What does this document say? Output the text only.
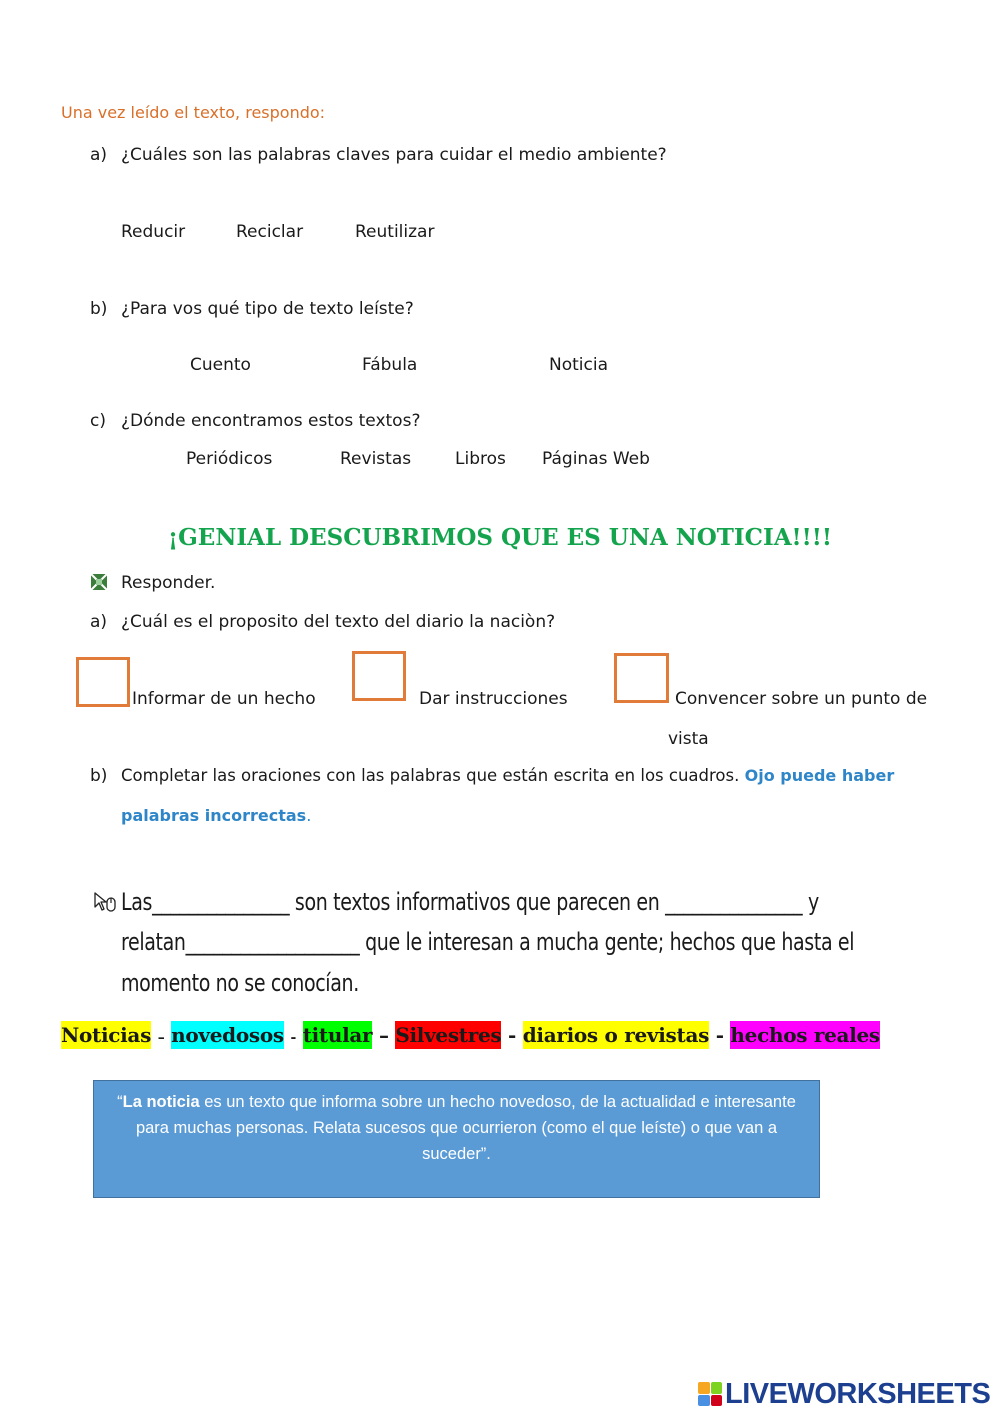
Una vez leído el texto, respondo:
a) ¿Cuáles son las palabras claves para cuidar el medio ambiente?
Reducir	Reciclar	Reutilizar
b) ¿Para vos qué tipo de texto leíste?
Cuento	Fábula	Noticia
c) ¿Dónde encontramos estos textos?
Periódicos	Revistas	Libros Páginas Web
¡GENIAL DESCUBRIMOS QUE ES UNA NOTICIA!!!!
Responder.
a) ¿Cuál es el proposito del texto del diario la naciòn?
Informar de un hecho	Dar instrucciones	Convencer sobre un punto de
vista
b) Completar las oraciones con las palabras que están escrita en los cuadros. Ojo puede haber
palabras incorrectas.
Las_______________ son textos informativos que parecen en _______________ y
relatan___________________ que le interesan a mucha gente; hechos que hasta el
momento no se conocían.
Noticias – novedosos - titular – Silvestres - diarios o revistas - hechos reales
“La noticia es un texto que informa sobre un hecho novedoso, de la actualidad e interesante para muchas personas. Relata sucesos que ocurrieron (como el que leíste) o que van a suceder”.
LIVEWORKSHEETS
